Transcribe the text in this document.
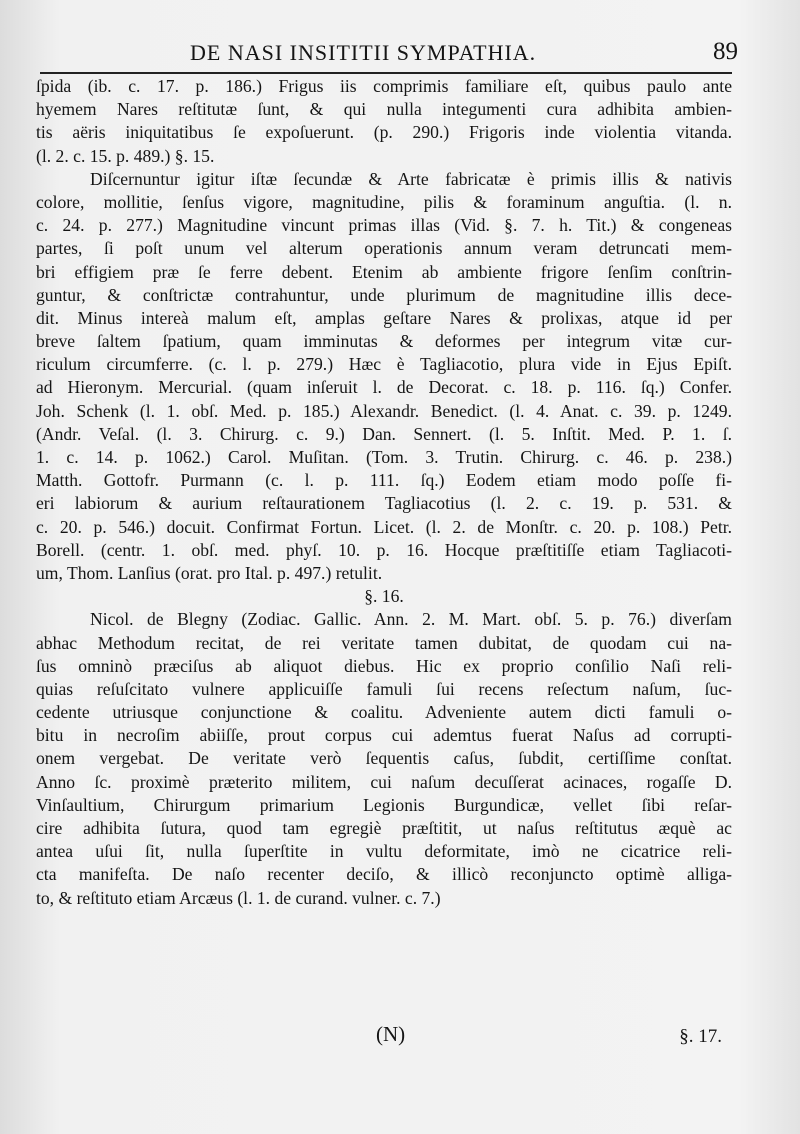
DE NASI INSITITII SYMPATHIA.	89
ſpida (ib. c. 17. p. 186.) Frigus iis comprimis familiare eſt, quibus paulo ante
hyemem Nares reſtitutæ ſunt, & qui nulla integumenti cura adhibita ambien-
tis aëris iniquitatibus ſe expoſuerunt. (p. 290.) Frigoris inde violentia vitanda.
(l. 2. c. 15. p. 489.) §. 15.
Diſcernuntur igitur iſtæ ſecundæ & Arte fabricatæ è primis illis & nativis
colore, mollitie, ſenſus vigore, magnitudine, pilis & foraminum anguſtia. (l. n.
c. 24. p. 277.) Magnitudine vincunt primas illas (Vid. §. 7. h. Tit.) & congeneas
partes, ſi poſt unum vel alterum operationis annum veram detruncati mem-
bri effigiem præ ſe ferre debent. Etenim ab ambiente frigore ſenſim conſtrin-
guntur, & conſtrictæ contrahuntur, unde plurimum de magnitudine illis dece-
dit. Minus intereà malum eſt, amplas geſtare Nares & prolixas, atque id per
breve ſaltem ſpatium, quam imminutas & deformes per integrum vitæ cur-
riculum circumferre. (c. l. p. 279.) Hæc è Tagliacotio, plura vide in Ejus Epiſt.
ad Hieronym. Mercurial. (quam inſeruit l. de Decorat. c. 18. p. 116. ſq.) Confer.
Joh. Schenk (l. 1. obſ. Med. p. 185.) Alexandr. Benedict. (l. 4. Anat. c. 39. p. 1249.
(Andr. Veſal. (l. 3. Chirurg. c. 9.) Dan. Sennert. (l. 5. Inſtit. Med. P. 1. ſ.
1. c. 14. p. 1062.) Carol. Muſitan. (Tom. 3. Trutin. Chirurg. c. 46. p. 238.)
Matth. Gottofr. Purmann (c. l. p. 111. ſq.) Eodem etiam modo poſſe fi-
eri labiorum & aurium reſtaurationem Tagliacotius (l. 2. c. 19. p. 531. &
c. 20. p. 546.) docuit. Confirmat Fortun. Licet. (l. 2. de Monſtr. c. 20. p. 108.) Petr.
Borell. (centr. 1. obſ. med. phyſ. 10. p. 16. Hocque præſtitiſſe etiam Tagliacoti-
um, Thom. Lanſius (orat. pro Ital. p. 497.) retulit.
§. 16.
Nicol. de Blegny (Zodiac. Gallic. Ann. 2. M. Mart. obſ. 5. p. 76.) diverſam
abhac Methodum recitat, de rei veritate tamen dubitat, de quodam cui na-
ſus omninò præciſus ab aliquot diebus. Hic ex proprio conſilio Naſi reli-
quias reſuſcitato vulnere applicuiſſe famuli ſui recens reſectum naſum, ſuc-
cedente utriusque conjunctione & coalitu. Adveniente autem dicti famuli o-
bitu in necroſim abiiſſe, prout corpus cui ademtus fuerat Naſus ad corrupti-
onem vergebat. De veritate verò ſequentis caſus, ſubdit, certiſſime conſtat.
Anno ſc. proximè præterito militem, cui naſum decuſſerat acinaces, rogaſſe D.
Vinſaultium, Chirurgum primarium Legionis Burgundicæ, vellet ſibi reſar-
cire adhibita ſutura, quod tam egregiè præſtitit, ut naſus reſtitutus æquè ac
antea uſui ſit, nulla ſuperſtite in vultu deformitate, imò ne cicatrice reli-
cta manifeſta. De naſo recenter deciſo, & illicò reconjuncto optimè alliga-
to, & reſtituto etiam Arcæus (l. 1. de curand. vulner. c. 7.)
(N)	§. 17.
